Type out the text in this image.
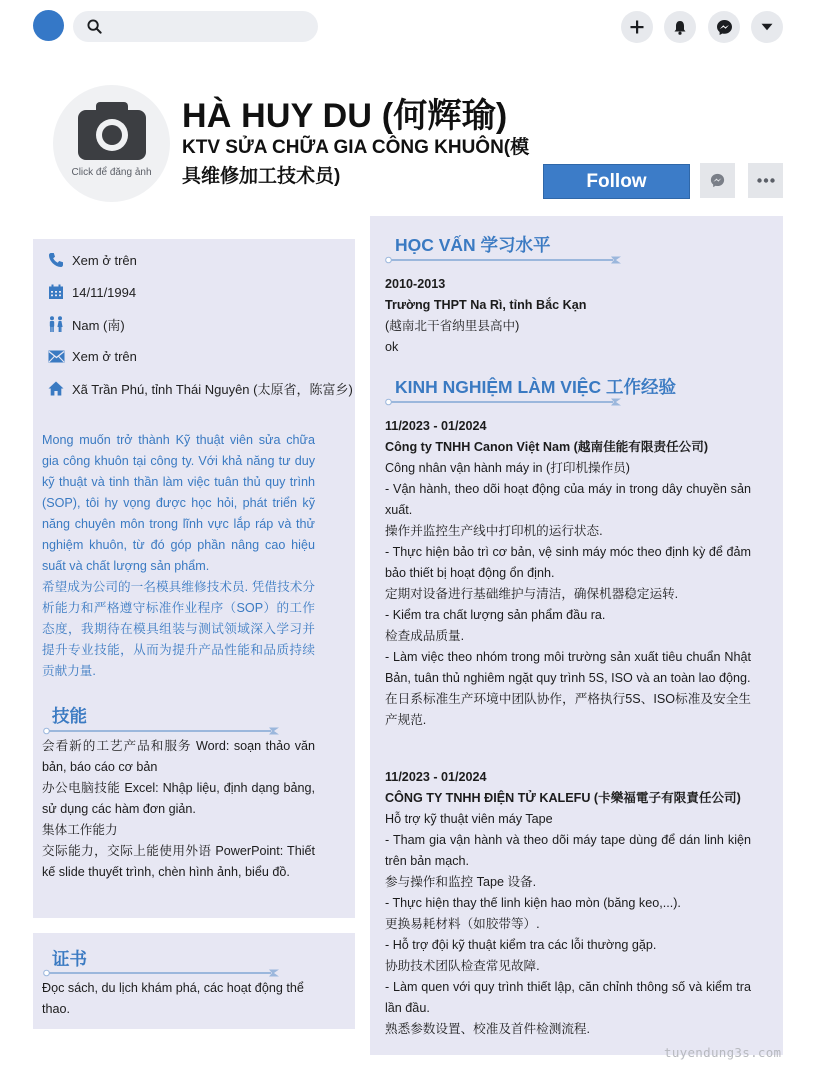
Click để đăng ảnh
HÀ HUY DU (何辉瑜)
KTV SỬA CHỮA GIA CÔNG KHUÔN(模具维修加工技术员)	Follow
Xem ở trên
14/11/1994
Nam (南)
Xem ở trên
Xã Trần Phú, tỉnh Thái Nguyên (太原省，陈富乡)
Mong muốn trở thành Kỹ thuật viên sửa chữa gia công khuôn tại công ty. Với khả năng tư duy kỹ thuật và tinh thần làm việc tuân thủ quy trình (SOP), tôi hy vọng được học hỏi, phát triển kỹ năng chuyên môn trong lĩnh vực lắp ráp và thử nghiệm khuôn, từ đó góp phần nâng cao hiệu suất và chất lượng sản phẩm.
希望成为公司的一名模具维修技术员. 凭借技术分析能力和严格遵守标准作业程序（SOP）的工作态度，我期待在模具组装与测试领域深入学习并提升专业技能，从而为提升产品性能和品质持续贡献力量.
技能
会看新的工艺产品和服务 Word: soạn thảo văn bản, báo cáo cơ bản
办公电脑技能 Excel: Nhập liệu, định dạng bảng, sử dụng các hàm đơn giản.
集体工作能力
交际能力，交际上能使用外语 PowerPoint: Thiết kế slide thuyết trình, chèn hình ảnh, biểu đồ.
证书
Đọc sách, du lịch khám phá, các hoạt động thể thao.
HỌC VẤN 学习水平
2010-2013
Trường THPT Na Rì, tỉnh Bắc Kạn
(越南北干省纳里县高中)
ok
KINH NGHIỆM LÀM VIỆC 工作经验
11/2023 - 01/2024
Công ty TNHH Canon Việt Nam (越南佳能有限责任公司)
Công nhân vận hành máy in (打印机操作员)
- Vận hành, theo dõi hoạt động của máy in trong dây chuyền sản xuất.
操作并监控生产线中打印机的运行状态.
- Thực hiện bảo trì cơ bản, vệ sinh máy móc theo định kỳ để đảm bảo thiết bị hoạt động ổn định.
定期对设备进行基础维护与清洁，确保机器稳定运转.
- Kiểm tra chất lượng sản phẩm đầu ra.
检查成品质量.
- Làm việc theo nhóm trong môi trường sản xuất tiêu chuẩn Nhật Bản, tuân thủ nghiêm ngặt quy trình 5S, ISO và an toàn lao động.
在日系标准生产环境中团队协作，严格执行5S、ISO标准及安全生产规范.
11/2023 - 01/2024
CÔNG TY TNHH ĐIỆN TỬ KALEFU (卡樂福電子有限責任公司)
Hỗ trợ kỹ thuật viên máy Tape
- Tham gia vận hành và theo dõi máy tape dùng để dán linh kiện trên bản mạch.
参与操作和监控 Tape 设备.
- Thực hiện thay thế linh kiện hao mòn (băng keo,...).
更换易耗材料（如胶带等）.
- Hỗ trợ đội kỹ thuật kiểm tra các lỗi thường gặp.
协助技术团队检查常见故障.
- Làm quen với quy trình thiết lập, căn chỉnh thông số và kiểm tra lần đầu.
熟悉参数设置、校准及首件检测流程.
tuyendung3s.com
